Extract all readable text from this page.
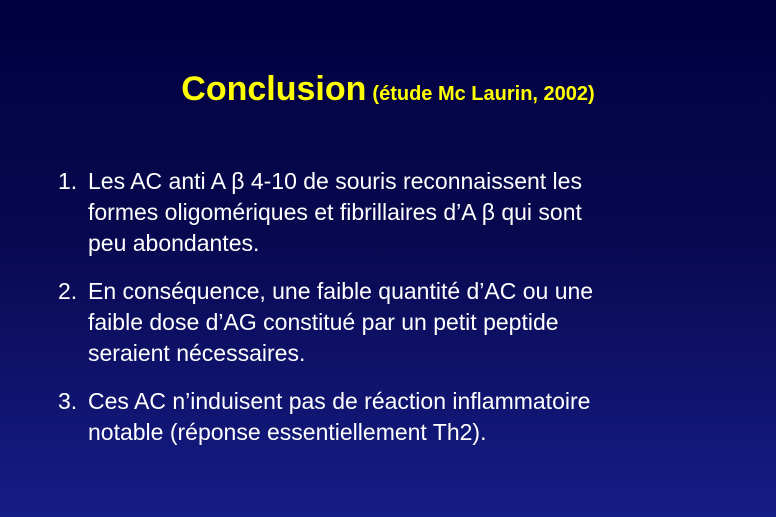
Conclusion (étude Mc Laurin, 2002)
1. Les AC anti A β 4-10 de souris reconnaissent les
formes oligomériques et fibrillaires d’A β qui sont
peu abondantes.
2. En conséquence, une faible quantité d’AC ou une
faible dose d’AG constitué par un petit peptide
seraient nécessaires.
3. Ces AC n’induisent pas de réaction inflammatoire
notable (réponse essentiellement Th2).
